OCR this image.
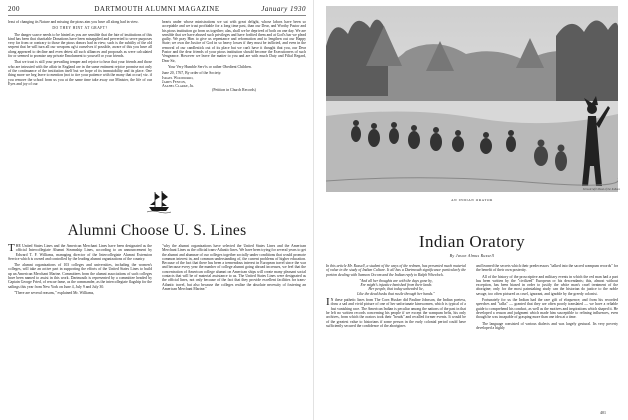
200	DARTMOUTH ALUMNI MAGAZINE	January 1930

least of changing its Nature and missing the pious aim you have all along had in view.

DO THEY HINT AT GRAFT?

The danger scarce needs to be hinted as you are sensible that the fate of institutions of this kind has been that charitable Donations have been misapplied and perverted to serve purposes very far from or contrary to those the pious donors had in view; such is the subtilty of the old serpent that he will turn all our weapons ag'st ourselves if possible, aware of this you have all along appeared to decline and even detest all such alliances and proposals as were calculated for or seemed to promise any private Emolument to yourself or your friends.

That we trust is still your prevailing temper and rejoice to hear that your friends and those who are intrusted with the affair in England are in the same entiment rejoice promise not only of the continuance of the institution itself but we hope of its immutability and its place. One thing more we beg leave to mention (not to tire your patience with the many that occur) viz. if you remove the school from us you at the same time take away our Minister, the life of our Eyes and joy of our

hearts under whose ministrations we sat with great delight, whose labors have been so acceptable and we trust profitable for a long time past, than our Dear, and Worthy Pastor and his pious institution go from us together; alas, shall we be deprived of both on one day. We are sensible that we have abused such privileges and have forfited them and at God's bar we plead guilty. We pray Him to give us repentance and reformation and to lengthen out our Happy State; we own the Justice of God in so heavy losses if they must be inflicted, and even in the removal of our candlestick out of its place but we can't have it thought that you, our Dear Pastor and the dear friends of your pious institution should become the Executioners of such Vengeance. However we leave the matter to you and are with much Duty and Filial Regard, Dear Sir,

Your Very Humble Serv'ts or rather Obedient Children.

June 20, 1767, By order of the Society.

Israel Woodward,

James Fenton,

Asahel Clarke, Jr.

(Petition in Church Records)

Alumni Choose U. S. Lines

THE United States Lines and the American Merchant Lines have been designated as the official Intercollegiate Alumni Steamship Lines, according to an announcement by Edward T. F. Williams, managing director of the Intercollegiate Alumni Extension Service which is owned and controlled by the leading alumni organizations of the country.

The alumni organizations of 103 colleges and universities, including the women's colleges, will take an active part in supporting the efforts of the United States Lines to build up an American Merchant Marine. Committees from the alumni associations of such colleges have been named to assist in this work. Dartmouth is represented by a committee headed by Captain George Fried, of rescue fame, as the commander, as the intercollegiate flagship for the sailings this year from New York on June 4, July 9 and July 30.

"There are several reasons," explained Mr. Williams,

"why the alumni organizations have selected the United States Lines and the American Merchant Lines as the official trans-Atlantic lines. We have been trying for several years to get the alumni and alumnae of our colleges together socially under conditions that would promote common interest in, and common understanding of, the current problems of higher education. Because of the fact that there has been a tremendous interest in European travel since the war and because every year the number of college alumni going abroad increases, we feel that the concentration of American college alumni on American ships will create many pleasant social contacts that will be of material assistance to us. The United States Lines were designated as the official lines, not only because of the fact that they provide excellent facilities for trans-Atlantic travel, but also because the colleges realize the absolute necessity of fostering an American Merchant Marine."

Schoolcraft's Book of the Indians
AN INDIAN ORATOR
Indian Oratory
By Jason Almus Russell

In this article Mr. Russell, a student of the ways of the redmen, has presented much material of value in the study of Indian Culture. It all has a Dartmouth significance particularly the portion dealing with Samson Occom and the Indian reply to Ralph Wheelock.

"And all her thoughts are with the days gone by,

Ere might's injustice banished from their lands

Her people, that today unheeded lie,

Like the dead husks that rustle through her hands."

I N these pathetic lines from The Corn Husker did Pauline Johnson, the Indian poetess, draw a sad and vivid picture of one of her unfortunate kinswomen, which is typical of a fast vanishing race. The American Indian is peculiar among the nations of the past in that he left no written records concerning his people if we except the wampum belts, his only archives, from which the orators took their "heads" and recalled former events. It would be of the greatest value to historians if some person in the early colonial period could have sufficiently secured the confidence of the aborigines

and learned the secrets which their predecessors "talked into the sacred wampum records" for the benefit of their own posterity.

All of the history of the proscriptive and military events in which the red man had a part has been written by the "civilized" European or his descendants; this, almost without exception, has been biased in order to justify the white man's cruel treatment of the aborigine; only for the most painstaking study can the historian do justice to the noble savage, too often pictured as cruel, ignorant, and ignoble by the greedy colonist.

Fortunately for us the Indian had the rare gift of eloquence; and from his recorded speeches and "talks" — granted that they are often poorly translated — we have a reliable guide to comprehend his conduct, as well as the motives and inspirations which shaped it. He developed a reason and judgment which made him susceptible to refining influences, even though he was incapable of grasping more than one idea at a time.

The language consisted of various dialects and was largely gestural. Its very poverty developed a highly

401
